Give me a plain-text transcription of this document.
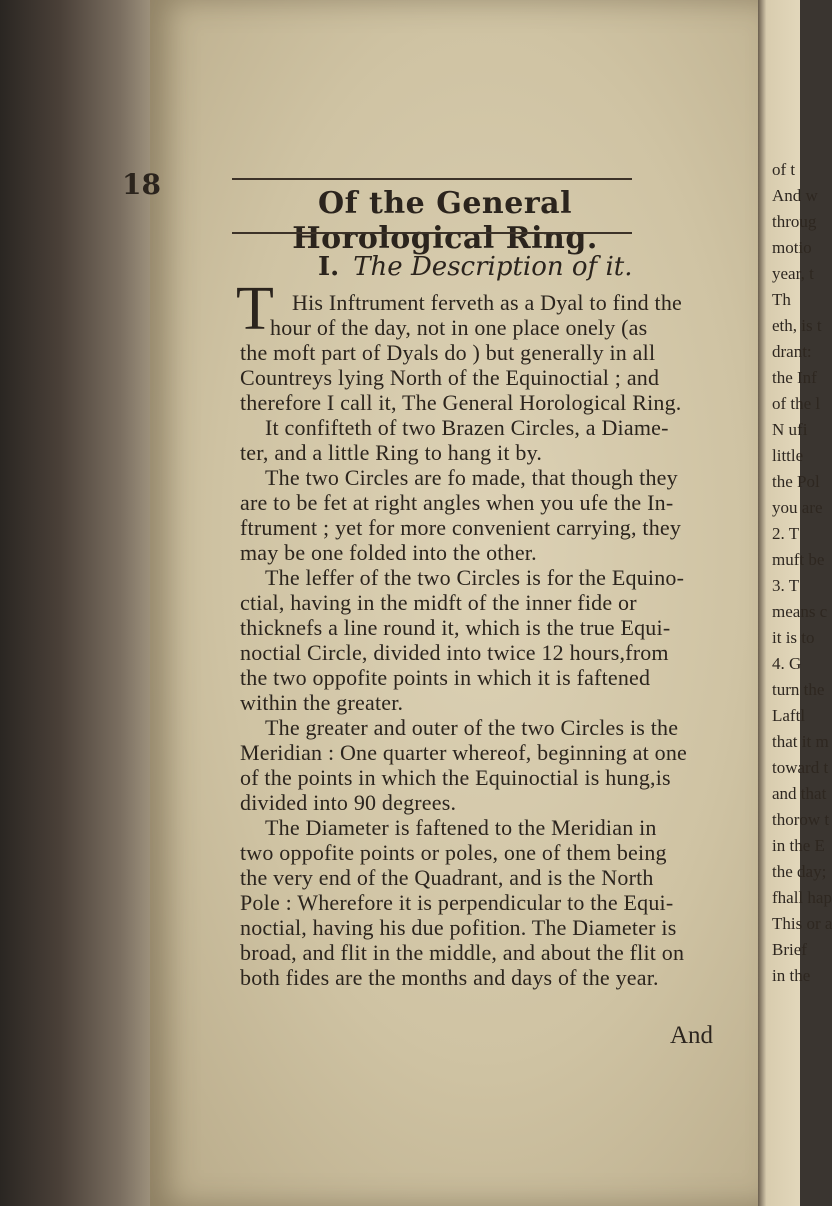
of t
And w
throug
motio
year, t
Th
eth, is t
drant:
the Inf
of the l
N ufi
little
the Pol
you are
2. T
muft be
3. T
means c
it is to
4. G
turn the
Laftl
that it m
toward t
and that
thorow t
in the E
the day;
fhall hap
This or a
Brief
in the
18
Of the General Horological Ring.
I. The Description of it.
T His Inftrument ferveth as a Dyal to find the
hour of the day, not in one place onely (as
the moft part of Dyals do ) but generally in all
Countreys lying North of the Equinoctial ; and
therefore I call it, The General Horological Ring.
It confifteth of two Brazen Circles, a Diame-
ter, and a little Ring to hang it by.
The two Circles are fo made, that though they
are to be fet at right angles when you ufe the In-
ftrument ; yet for more convenient carrying, they
may be one folded into the other.
The leffer of the two Circles is for the Equino-
ctial, having in the midft of the inner fide or
thicknefs a line round it, which is the true Equi-
noctial Circle, divided into twice 12 hours,from
the two oppofite points in which it is faftened
within the greater.
The greater and outer of the two Circles is the
Meridian : One quarter whereof, beginning at one
of the points in which the Equinoctial is hung,is
divided into 90 degrees.
The Diameter is faftened to the Meridian in
two oppofite points or poles, one of them being
the very end of the Quadrant, and is the North
Pole : Wherefore it is perpendicular to the Equi-
noctial, having his due pofition. The Diameter is
broad, and flit in the middle, and about the flit on
both fides are the months and days of the year.
And
